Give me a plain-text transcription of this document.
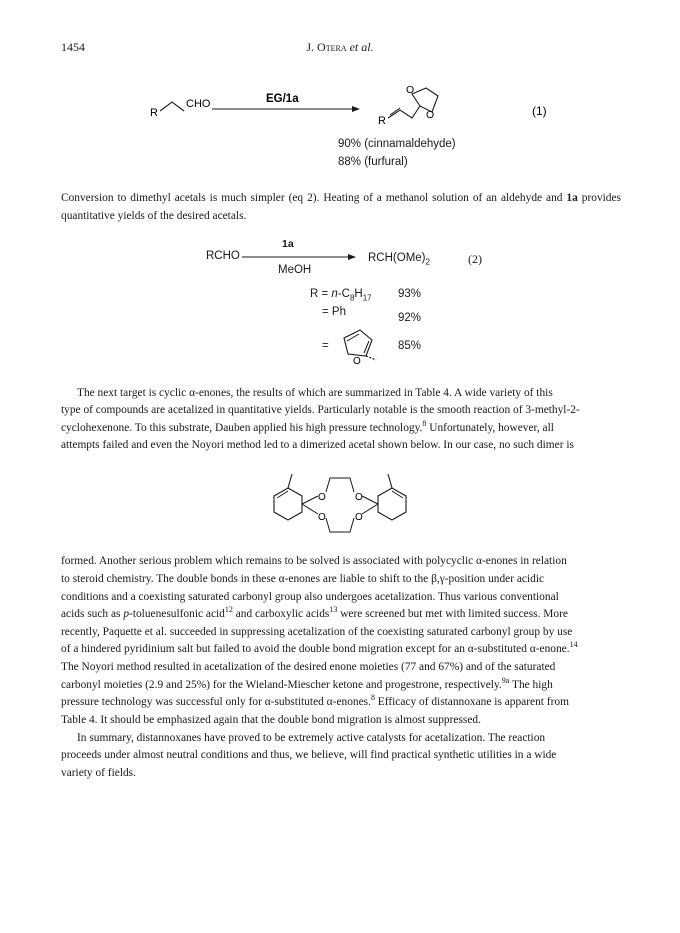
1454	J. Otera et al.
R
CHO	EG/1a
R
O
O	(1)
90% (cinnamaldehyde)
88% (furfural)

Conversion to dimethyl acetals is much simpler (eq 2). Heating of a methanol solution of an aldehyde and 1a provides quantitative yields of the desired acetals.

RCHO
1a
MeOH
$RCH(OMe)_2$	(2)
$R = n-C_8H_{17}$ 93%
= Ph	92%
=
O
85%
The next target is cyclic α-enones, the results of which are summarized in Table 4. A wide variety of this
type of compounds are acetalized in quantitative yields. Particularly notable is the smooth reaction of 3-methyl-2-
cyclohexenone. To this substrate, Dauben applied his high pressure technology.$^8$ Unfortunately, however, all
attempts failed and even the Noyori method led to a dimerized acetal shown below. In our case, no such dimer is
O
O
O
O
formed. Another serious problem which remains to be solved is associated with polycyclic α-enones in relation
to steroid chemistry. The double bonds in these α-enones are liable to shift to the β,γ-position under acidic
conditions and a coexisting saturated carbonyl group also undergoes acetalization. Thus various conventional
acids such as p-toluenesulfonic acid$^{12}$ and carboxylic acids$^{13}$ were screened but met with limited success. More
recently, Paquette et al. succeeded in suppressing acetalization of the coexisting saturated carbonyl group by use
of a hindered pyridinium salt but failed to avoid the double bond migration except for an α-substituted α-enone.$^{14}$
The Noyori method resulted in acetalization of the desired enone moieties (77 and 67%) and of the saturated
carbonyl moieties (2.9 and 25%) for the Wieland-Miescher ketone and progestrone, respectively.$^{9a}$ The high
pressure technology was successful only for α-substituted α-enones.$^8$ Efficacy of distannoxane is apparent from
Table 4. It should be emphasized again that the double bond migration is almost suppressed.
In summary, distannoxanes have proved to be extremely active catalysts for acetalization. The reaction
proceeds under almost neutral conditions and thus, we believe, will find practical synthetic utilities in a wide
variety of fields.
